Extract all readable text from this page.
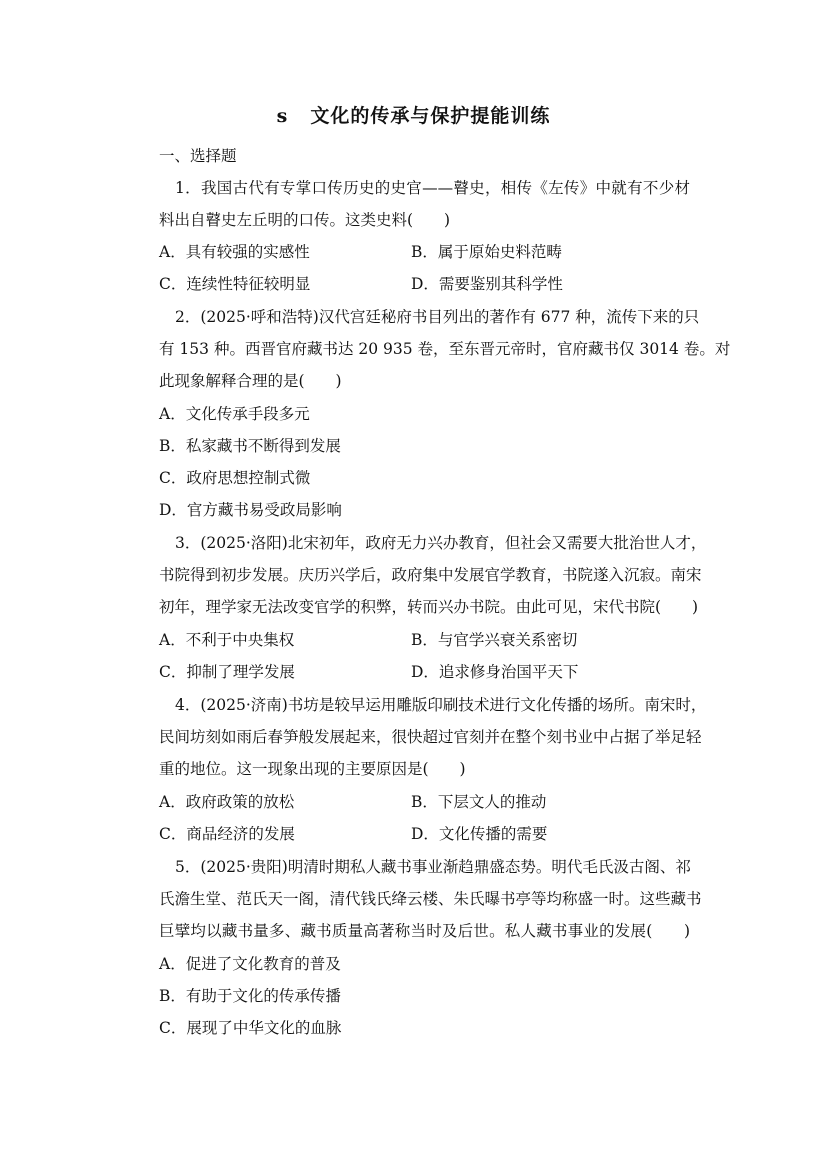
s 文化的传承与保护提能训练
一、选择题
1．我国古代有专掌口传历史的史官——瞽史，相传《左传》中就有不少材
料出自瞽史左丘明的口传。这类史料(　　)
A．具有较强的实感性	B．属于原始史料范畴
C．连续性特征较明显	D．需要鉴别其科学性
2．(2025·呼和浩特)汉代宫廷秘府书目列出的著作有 677 种，流传下来的只
有 153 种。西晋官府藏书达 20 935 卷，至东晋元帝时，官府藏书仅 3014 卷。对
此现象解释合理的是(　　)
A．文化传承手段多元
B．私家藏书不断得到发展
C．政府思想控制式微
D．官方藏书易受政局影响
3．(2025·洛阳)北宋初年，政府无力兴办教育，但社会又需要大批治世人才，
书院得到初步发展。庆历兴学后，政府集中发展官学教育，书院遂入沉寂。南宋
初年，理学家无法改变官学的积弊，转而兴办书院。由此可见，宋代书院(　　)
A．不利于中央集权	B．与官学兴衰关系密切
C．抑制了理学发展	D．追求修身治国平天下
4．(2025·济南)书坊是较早运用雕版印刷技术进行文化传播的场所。南宋时，
民间坊刻如雨后春笋般发展起来，很快超过官刻并在整个刻书业中占据了举足轻
重的地位。这一现象出现的主要原因是(　　)
A．政府政策的放松	B．下层文人的推动
C．商品经济的发展	D．文化传播的需要
5．(2025·贵阳)明清时期私人藏书事业渐趋鼎盛态势。明代毛氏汲古阁、祁
氏澹生堂、范氏天一阁，清代钱氏绛云楼、朱氏曝书亭等均称盛一时。这些藏书
巨擘均以藏书量多、藏书质量高著称当时及后世。私人藏书事业的发展(　　)
A．促进了文化教育的普及
B．有助于文化的传承传播
C．展现了中华文化的血脉
